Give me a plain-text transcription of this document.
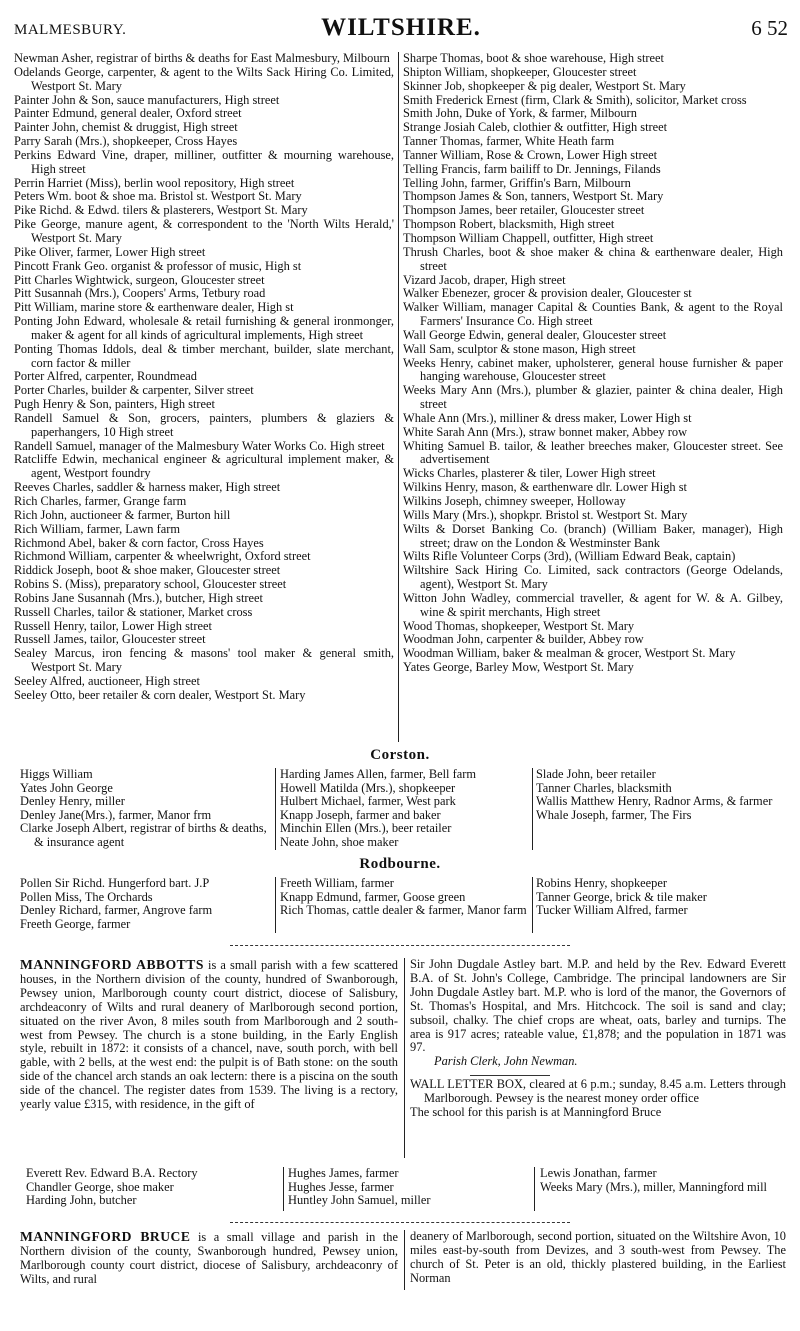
MALMESBURY.	WILTSHIRE.	6 52
Newman Asher, registrar of births & deaths for East Malmesbury, Milbourn
Odelands George, carpenter, & agent to the Wilts Sack Hiring Co. Limited, Westport St. Mary
Painter John & Son, sauce manufacturers, High street
Painter Edmund, general dealer, Oxford street
Painter John, chemist & druggist, High street
Parry Sarah (Mrs.), shopkeeper, Cross Hayes
Perkins Edward Vine, draper, milliner, outfitter & mourning warehouse, High street
Perrin Harriet (Miss), berlin wool repository, High street
Peters Wm. boot & shoe ma. Bristol st. Westport St. Mary
Pike Richd. & Edwd. tilers & plasterers, Westport St. Mary
Pike George, manure agent, & correspondent to the 'North Wilts Herald,' Westport St. Mary
Pike Oliver, farmer, Lower High street
Pincott Frank Geo. organist & professor of music, High st
Pitt Charles Wightwick, surgeon, Gloucester street
Pitt Susannah (Mrs.), Coopers' Arms, Tetbury road
Pitt William, marine store & earthenware dealer, High st
Ponting John Edward, wholesale & retail furnishing & general ironmonger, maker & agent for all kinds of agricultural implements, High street
Ponting Thomas Iddols, deal & timber merchant, builder, slate merchant, corn factor & miller
Porter Alfred, carpenter, Roundmead
Porter Charles, builder & carpenter, Silver street
Pugh Henry & Son, painters, High street
Randell Samuel & Son, grocers, painters, plumbers & glaziers & paperhangers, 10 High street
Randell Samuel, manager of the Malmesbury Water Works Co. High street
Ratcliffe Edwin, mechanical engineer & agricultural implement maker, & agent, Westport foundry
Reeves Charles, saddler & harness maker, High street
Rich Charles, farmer, Grange farm
Rich John, auctioneer & farmer, Burton hill
Rich William, farmer, Lawn farm
Richmond Abel, baker & corn factor, Cross Hayes
Richmond William, carpenter & wheelwright, Oxford street
Riddick Joseph, boot & shoe maker, Gloucester street
Robins S. (Miss), preparatory school, Gloucester street
Robins Jane Susannah (Mrs.), butcher, High street
Russell Charles, tailor & stationer, Market cross
Russell Henry, tailor, Lower High street
Russell James, tailor, Gloucester street
Sealey Marcus, iron fencing & masons' tool maker & general smith, Westport St. Mary
Seeley Alfred, auctioneer, High street
Seeley Otto, beer retailer & corn dealer, Westport St. Mary
Sharpe Thomas, boot & shoe warehouse, High street
Shipton William, shopkeeper, Gloucester street
Skinner Job, shopkeeper & pig dealer, Westport St. Mary
Smith Frederick Ernest (firm, Clark & Smith), solicitor, Market cross
Smith John, Duke of York, & farmer, Milbourn
Strange Josiah Caleb, clothier & outfitter, High street
Tanner Thomas, farmer, White Heath farm
Tanner William, Rose & Crown, Lower High street
Telling Francis, farm bailiff to Dr. Jennings, Filands
Telling John, farmer, Griffin's Barn, Milbourn
Thompson James & Son, tanners, Westport St. Mary
Thompson James, beer retailer, Gloucester street
Thompson Robert, blacksmith, High street
Thompson William Chappell, outfitter, High street
Thrush Charles, boot & shoe maker & china & earthenware dealer, High street
Vizard Jacob, draper, High street
Walker Ebenezer, grocer & provision dealer, Gloucester st
Walker William, manager Capital & Counties Bank, & agent to the Royal Farmers' Insurance Co. High street
Wall George Edwin, general dealer, Gloucester street
Wall Sam, sculptor & stone mason, High street
Weeks Henry, cabinet maker, upholsterer, general house furnisher & paper hanging warehouse, Gloucester street
Weeks Mary Ann (Mrs.), plumber & glazier, painter & china dealer, High street
Whale Ann (Mrs.), milliner & dress maker, Lower High st
White Sarah Ann (Mrs.), straw bonnet maker, Abbey row
Whiting Samuel B. tailor, & leather breeches maker, Gloucester street. See advertisement
Wicks Charles, plasterer & tiler, Lower High street
Wilkins Henry, mason, & earthenware dlr. Lower High st
Wilkins Joseph, chimney sweeper, Holloway
Wills Mary (Mrs.), shopkpr. Bristol st. Westport St. Mary
Wilts & Dorset Banking Co. (branch) (William Baker, manager), High street; draw on the London & Westminster Bank
Wilts Rifle Volunteer Corps (3rd), (William Edward Beak, captain)
Wiltshire Sack Hiring Co. Limited, sack contractors (George Odelands, agent), Westport St. Mary
Witton John Wadley, commercial traveller, & agent for W. & A. Gilbey, wine & spirit merchants, High street
Wood Thomas, shopkeeper, Westport St. Mary
Woodman John, carpenter & builder, Abbey row
Woodman William, baker & mealman & grocer, Westport St. Mary
Yates George, Barley Mow, Westport St. Mary
Corston.
Higgs William
Yates John George
Denley Henry, miller
Denley Jane(Mrs.), farmer, Manor frm
Clarke Joseph Albert, registrar of births & deaths, & insurance agent
Harding James Allen, farmer, Bell farm
Howell Matilda (Mrs.), shopkeeper
Hulbert Michael, farmer, West park
Knapp Joseph, farmer and baker
Minchin Ellen (Mrs.), beer retailer
Neate John, shoe maker
Slade John, beer retailer
Tanner Charles, blacksmith
Wallis Matthew Henry, Radnor Arms, & farmer
Whale Joseph, farmer, The Firs
Rodbourne.
Pollen Sir Richd. Hungerford bart. J.P
Pollen Miss, The Orchards
Denley Richard, farmer, Angrove farm
Freeth George, farmer
Freeth William, farmer
Knapp Edmund, farmer, Goose green
Rich Thomas, cattle dealer & farmer, Manor farm
Robins Henry, shopkeeper
Tanner George, brick & tile maker
Tucker William Alfred, farmer
MANNINGFORD ABBOTTS is a small parish with a few scattered houses, in the Northern division of the county, hundred of Swanborough, Pewsey union, Marlborough county court district, diocese of Salisbury, archdeaconry of Wilts and rural deanery of Marlborough second portion, situated on the river Avon, 8 miles south from Marlborough and 2 south-west from Pewsey. The church is a stone building, in the Early English style, rebuilt in 1872: it consists of a chancel, nave, south porch, with bell gable, with 2 bells, at the west end: the pulpit is of Bath stone: on the south side of the chancel arch stands an oak lectern: there is a piscina on the south side of the chancel. The register dates from 1539. The living is a rectory, yearly value £315, with residence, in the gift of
Sir John Dugdale Astley bart. M.P. and held by the Rev. Edward Everett B.A. of St. John's College, Cambridge. The principal landowners are Sir John Dugdale Astley bart. M.P. who is lord of the manor, the Governors of St. Thomas's Hospital, and Mrs. Hitchcock. The soil is sand and clay; subsoil, chalky. The chief crops are wheat, oats, barley and turnips. The area is 917 acres; rateable value, £1,878; and the population in 1871 was 97.
Parish Clerk, John Newman.
WALL LETTER BOX, cleared at 6 p.m.; sunday, 8.45 a.m. Letters through Marlborough. Pewsey is the nearest money order office
The school for this parish is at Manningford Bruce
Everett Rev. Edward B.A. Rectory
Chandler George, shoe maker
Harding John, butcher
Hughes James, farmer
Hughes Jesse, farmer
Huntley John Samuel, miller
Lewis Jonathan, farmer
Weeks Mary (Mrs.), miller, Manningford mill
MANNINGFORD BRUCE is a small village and parish in the Northern division of the county, Swanborough hundred, Pewsey union, Marlborough county court district, diocese of Salisbury, archdeaconry of Wilts, and rural
deanery of Marlborough, second portion, situated on the Wiltshire Avon, 10 miles east-by-south from Devizes, and 3 south-west from Pewsey. The church of St. Peter is an old, thickly plastered building, in the Earliest Norman
